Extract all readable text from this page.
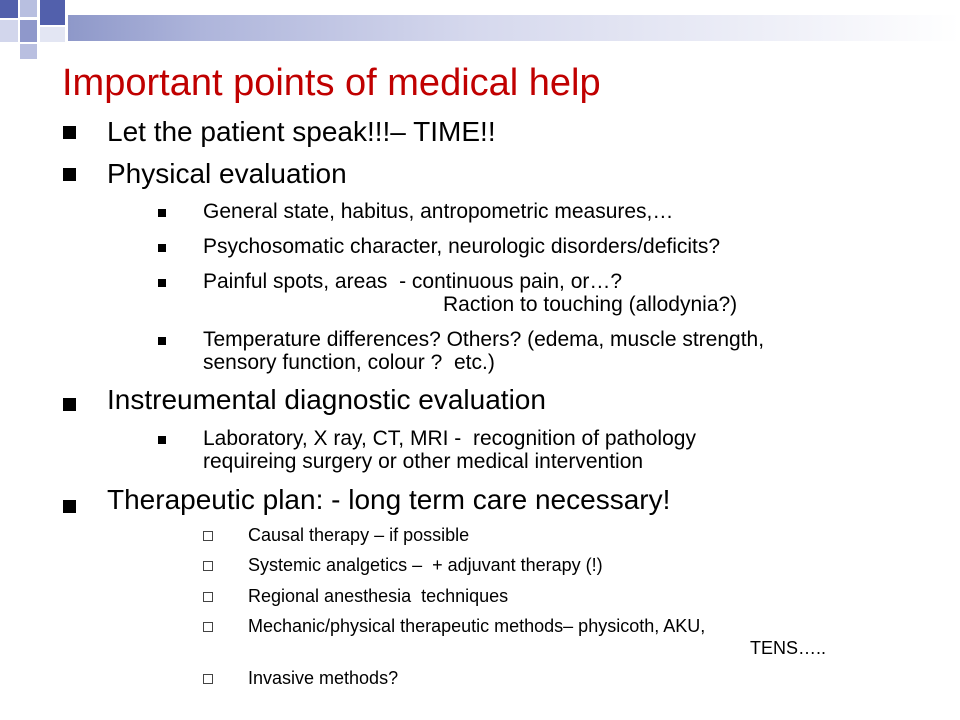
Important points of medical help
Let the patient speak!!!– TIME!!
Physical evaluation
General state, habitus, antropometric measures,…
Psychosomatic character, neurologic disorders/deficits?
Painful spots, areas  - continuous pain, or…?
Raction to touching (allodynia?)
Temperature differences? Others? (edema, muscle strength,
sensory function, colour ?  etc.)
Instreumental diagnostic evaluation
Laboratory, X ray, CT, MRI -  recognition of pathology
requireing surgery or other medical intervention
Therapeutic plan: - long term care necessary!
Causal therapy – if possible
Systemic analgetics –  + adjuvant therapy (!)
Regional anesthesia  techniques
Mechanic/physical therapeutic methods– physicoth, AKU,
TENS…..
Invasive methods?
